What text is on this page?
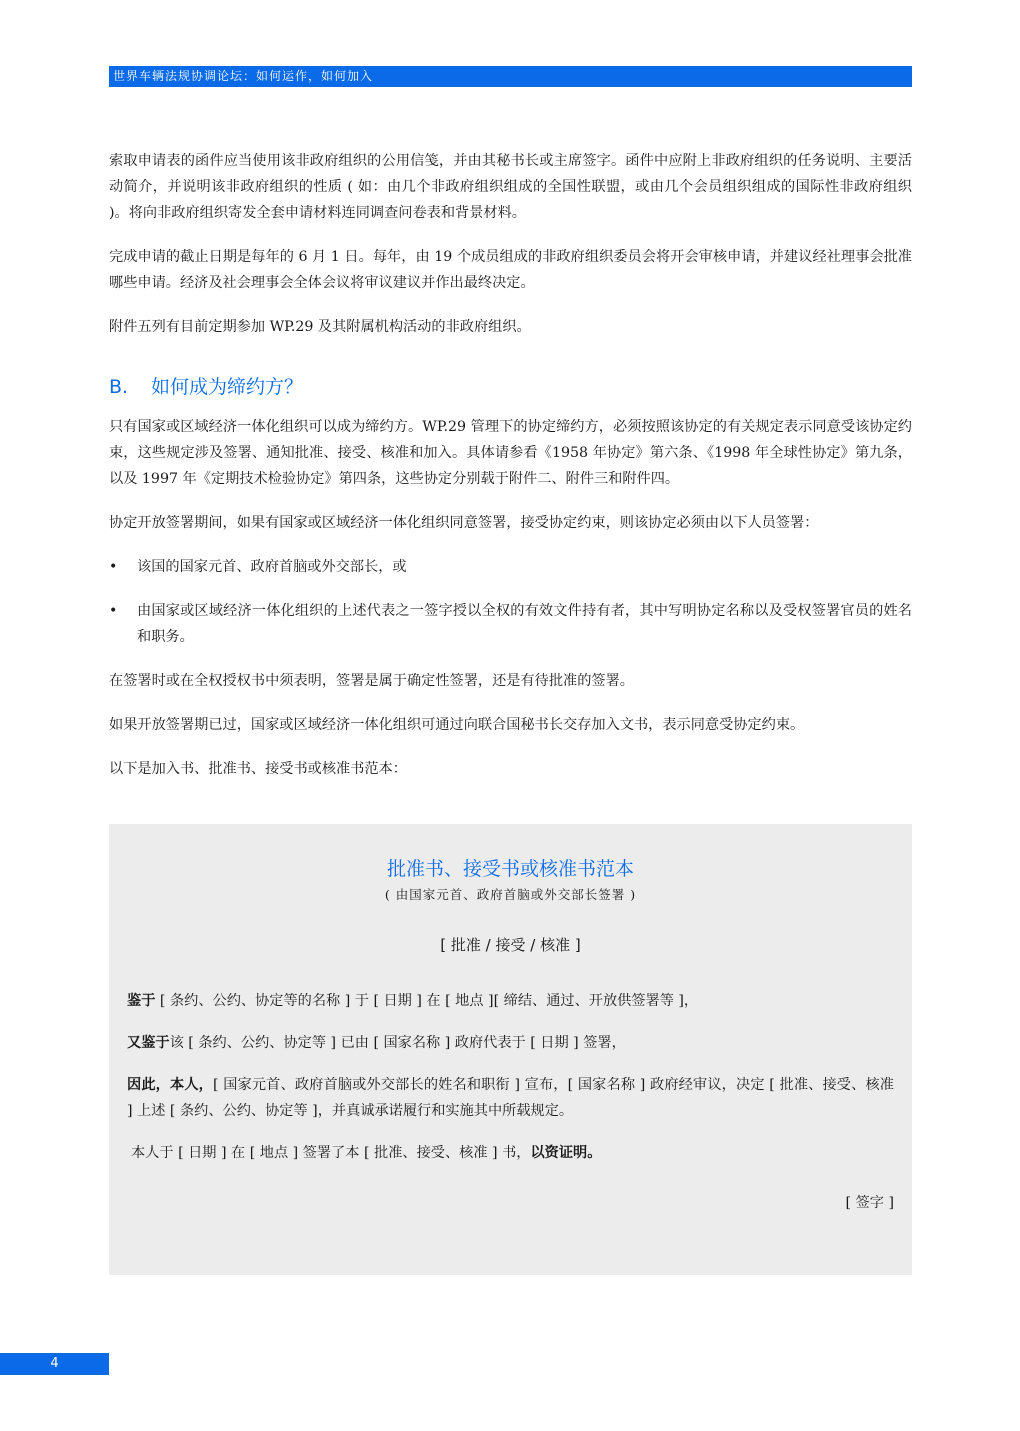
世界车辆法规协调论坛：如何运作，如何加入

索取申请表的函件应当使用该非政府组织的公用信笺，并由其秘书长或主席签字。函件中应附上非政府组织的任务说明、主要活动简介，并说明该非政府组织的性质 ( 如：由几个非政府组织组成的全国性联盟，或由几个会员组织组成的国际性非政府组织 )。将向非政府组织寄发全套申请材料连同调查问卷表和背景材料。

完成申请的截止日期是每年的 6 月 1 日。每年，由 19 个成员组成的非政府组织委员会将开会审核申请，并建议经社理事会批准哪些申请。经济及社会理事会全体会议将审议建议并作出最终决定。

附件五列有目前定期参加 WP.29 及其附属机构活动的非政府组织。

B.	如何成为缔约方？

只有国家或区域经济一体化组织可以成为缔约方。WP.29 管理下的协定缔约方，必须按照该协定的有关规定表示同意受该协定约束，这些规定涉及签署、通知批准、接受、核准和加入。具体请参看《1958 年协定》第六条、《1998 年全球性协定》第九条，以及 1997 年《定期技术检验协定》第四条，这些协定分别载于附件二、附件三和附件四。

协定开放签署期间，如果有国家或区域经济一体化组织同意签署，接受协定约束，则该协定必须由以下人员签署：

• 该国的国家元首、政府首脑或外交部长，或
• 由国家或区域经济一体化组织的上述代表之一签字授以全权的有效文件持有者，其中写明协定名称以及受权签署官员的姓名和职务。

在签署时或在全权授权书中须表明，签署是属于确定性签署，还是有待批准的签署。

如果开放签署期已过，国家或区域经济一体化组织可通过向联合国秘书长交存加入文书，表示同意受协定约束。

以下是加入书、批准书、接受书或核准书范本：

批准书、接受书或核准书范本
( 由国家元首、政府首脑或外交部长签署 )
[ 批准 / 接受 / 核准 ]

鉴于 [ 条约、公约、协定等的名称 ] 于 [ 日期 ] 在 [ 地点 ][ 缔结、通过、开放供签署等 ]，

又鉴于该 [ 条约、公约、协定等 ] 已由 [ 国家名称 ] 政府代表于 [ 日期 ] 签署，

因此，本人，[ 国家元首、政府首脑或外交部长的姓名和职衔 ] 宣布，[ 国家名称 ] 政府经审议，决定 [ 批准、接受、核准 ] 上述 [ 条约、公约、协定等 ]，并真诚承诺履行和实施其中所载规定。

本人于 [ 日期 ] 在 [ 地点 ] 签署了本 [ 批准、接受、核准 ] 书，以资证明。

[ 签字 ]
4
